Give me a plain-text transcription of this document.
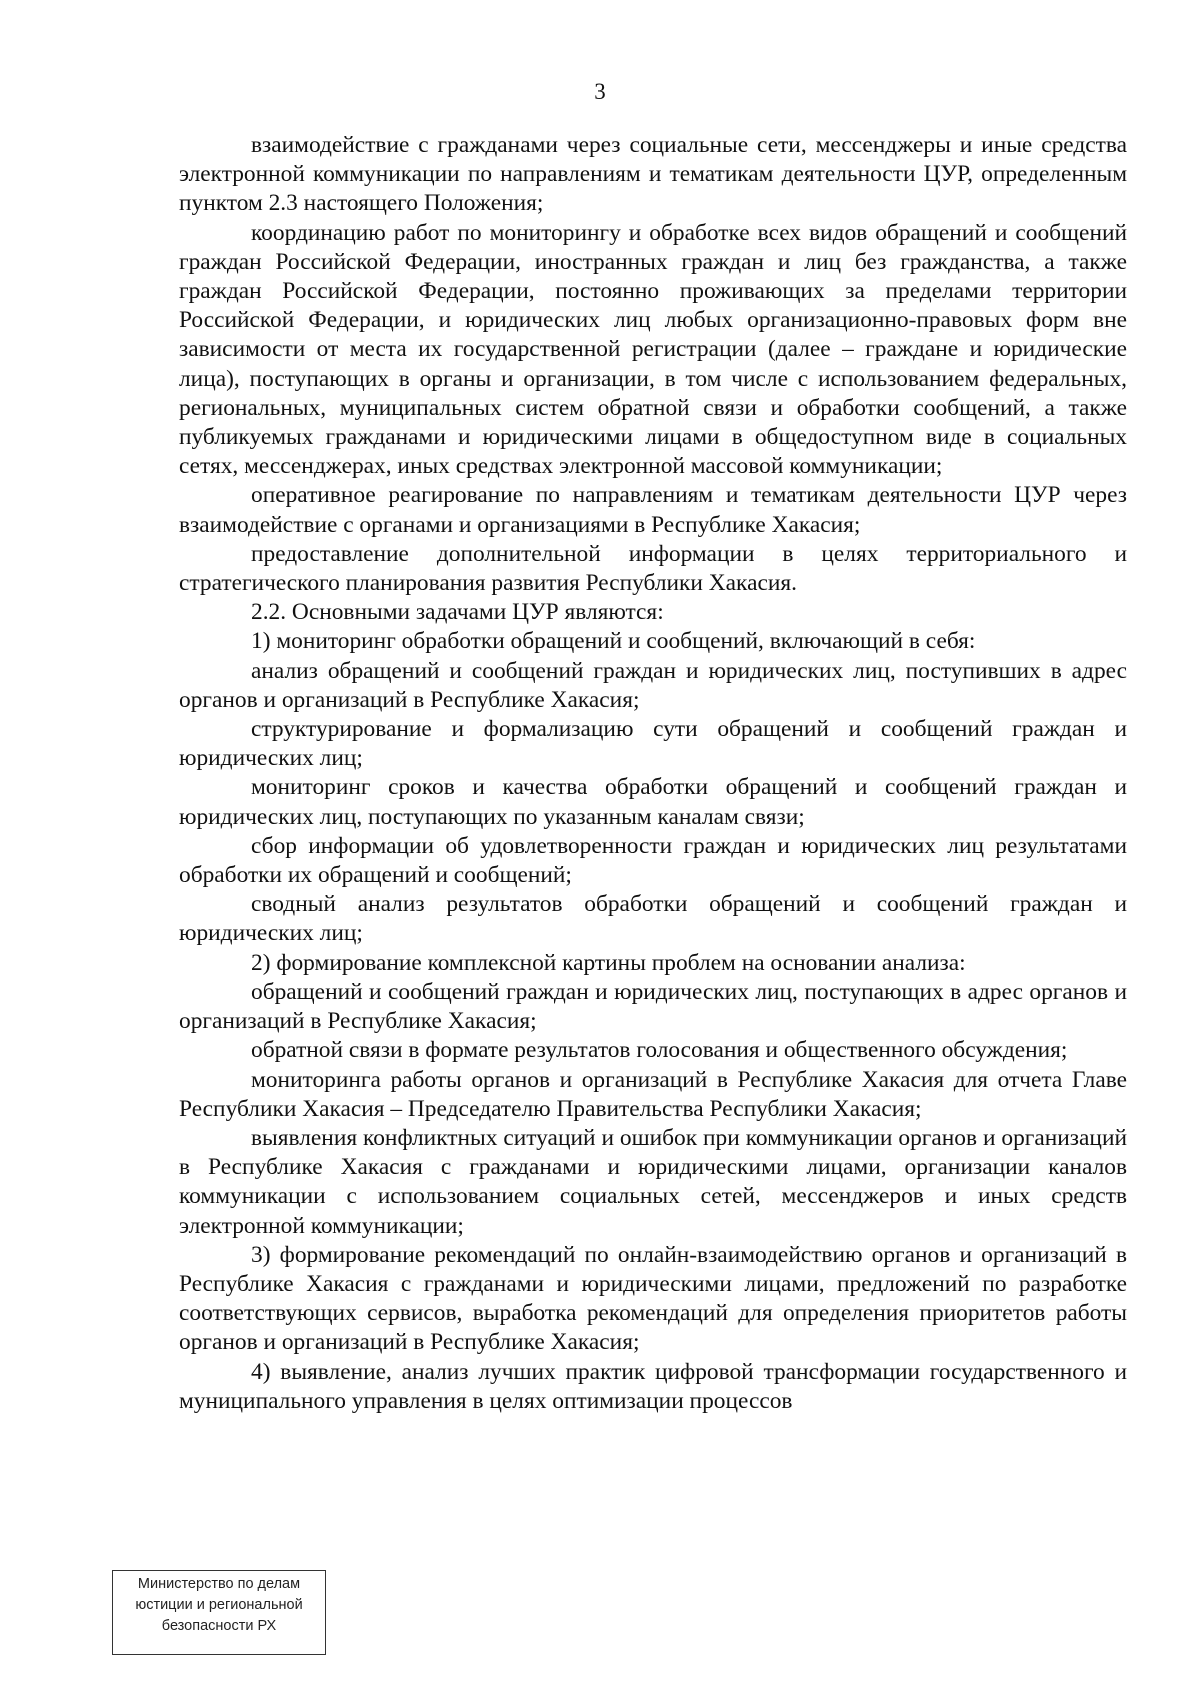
3

взаимодействие с гражданами через социальные сети, мессенджеры и иные средства электронной коммуникации по направлениям и тематикам деятельности ЦУР, определенным пунктом 2.3 настоящего Положения;

координацию работ по мониторингу и обработке всех видов обращений и сообщений граждан Российской Федерации, иностранных граждан и лиц без гражданства, а также граждан Российской Федерации, постоянно проживающих за пределами территории Российской Федерации, и юридических лиц любых организационно-правовых форм вне зависимости от места их государственной регистрации (далее – граждане и юридические лица), поступающих в органы и организации, в том числе с использованием федеральных, региональных, муниципальных систем обратной связи и обработки сообщений, а также публикуемых гражданами и юридическими лицами в общедоступном виде в социальных сетях, мессенджерах, иных средствах электронной массовой коммуникации;

оперативное реагирование по направлениям и тематикам деятельности ЦУР через взаимодействие с органами и организациями в Республике Хакасия;

предоставление дополнительной информации в целях территориального и стратегического планирования развития Республики Хакасия.

2.2. Основными задачами ЦУР являются:

1) мониторинг обработки обращений и сообщений, включающий в себя:

анализ обращений и сообщений граждан и юридических лиц, поступивших в адрес органов и организаций в Республике Хакасия;

структурирование и формализацию сути обращений и сообщений граждан и юридических лиц;

мониторинг сроков и качества обработки обращений и сообщений граждан и юридических лиц, поступающих по указанным каналам связи;

сбор информации об удовлетворенности граждан и юридических лиц результатами обработки их обращений и сообщений;

сводный анализ результатов обработки обращений и сообщений граждан и юридических лиц;

2) формирование комплексной картины проблем на основании анализа:

обращений и сообщений граждан и юридических лиц, поступающих в адрес органов и организаций в Республике Хакасия;

обратной связи в формате результатов голосования и общественного обсуждения;

мониторинга работы органов и организаций в Республике Хакасия для отчета Главе Республики Хакасия – Председателю Правительства Республики Хакасия;

выявления конфликтных ситуаций и ошибок при коммуникации органов и организаций в Республике Хакасия с гражданами и юридическими лицами, организации каналов коммуникации с использованием социальных сетей, мессенджеров и иных средств электронной коммуникации;

3) формирование рекомендаций по онлайн-взаимодействию органов и организаций в Республике Хакасия с гражданами и юридическими лицами, предложений по разработке соответствующих сервисов, выработка рекомендаций для определения приоритетов работы органов и организаций в Республике Хакасия;

4) выявление, анализ лучших практик цифровой трансформации государственного и муниципального управления в целях оптимизации процессов

Министерство по делам
юстиции и региональной
безопасности РХ
